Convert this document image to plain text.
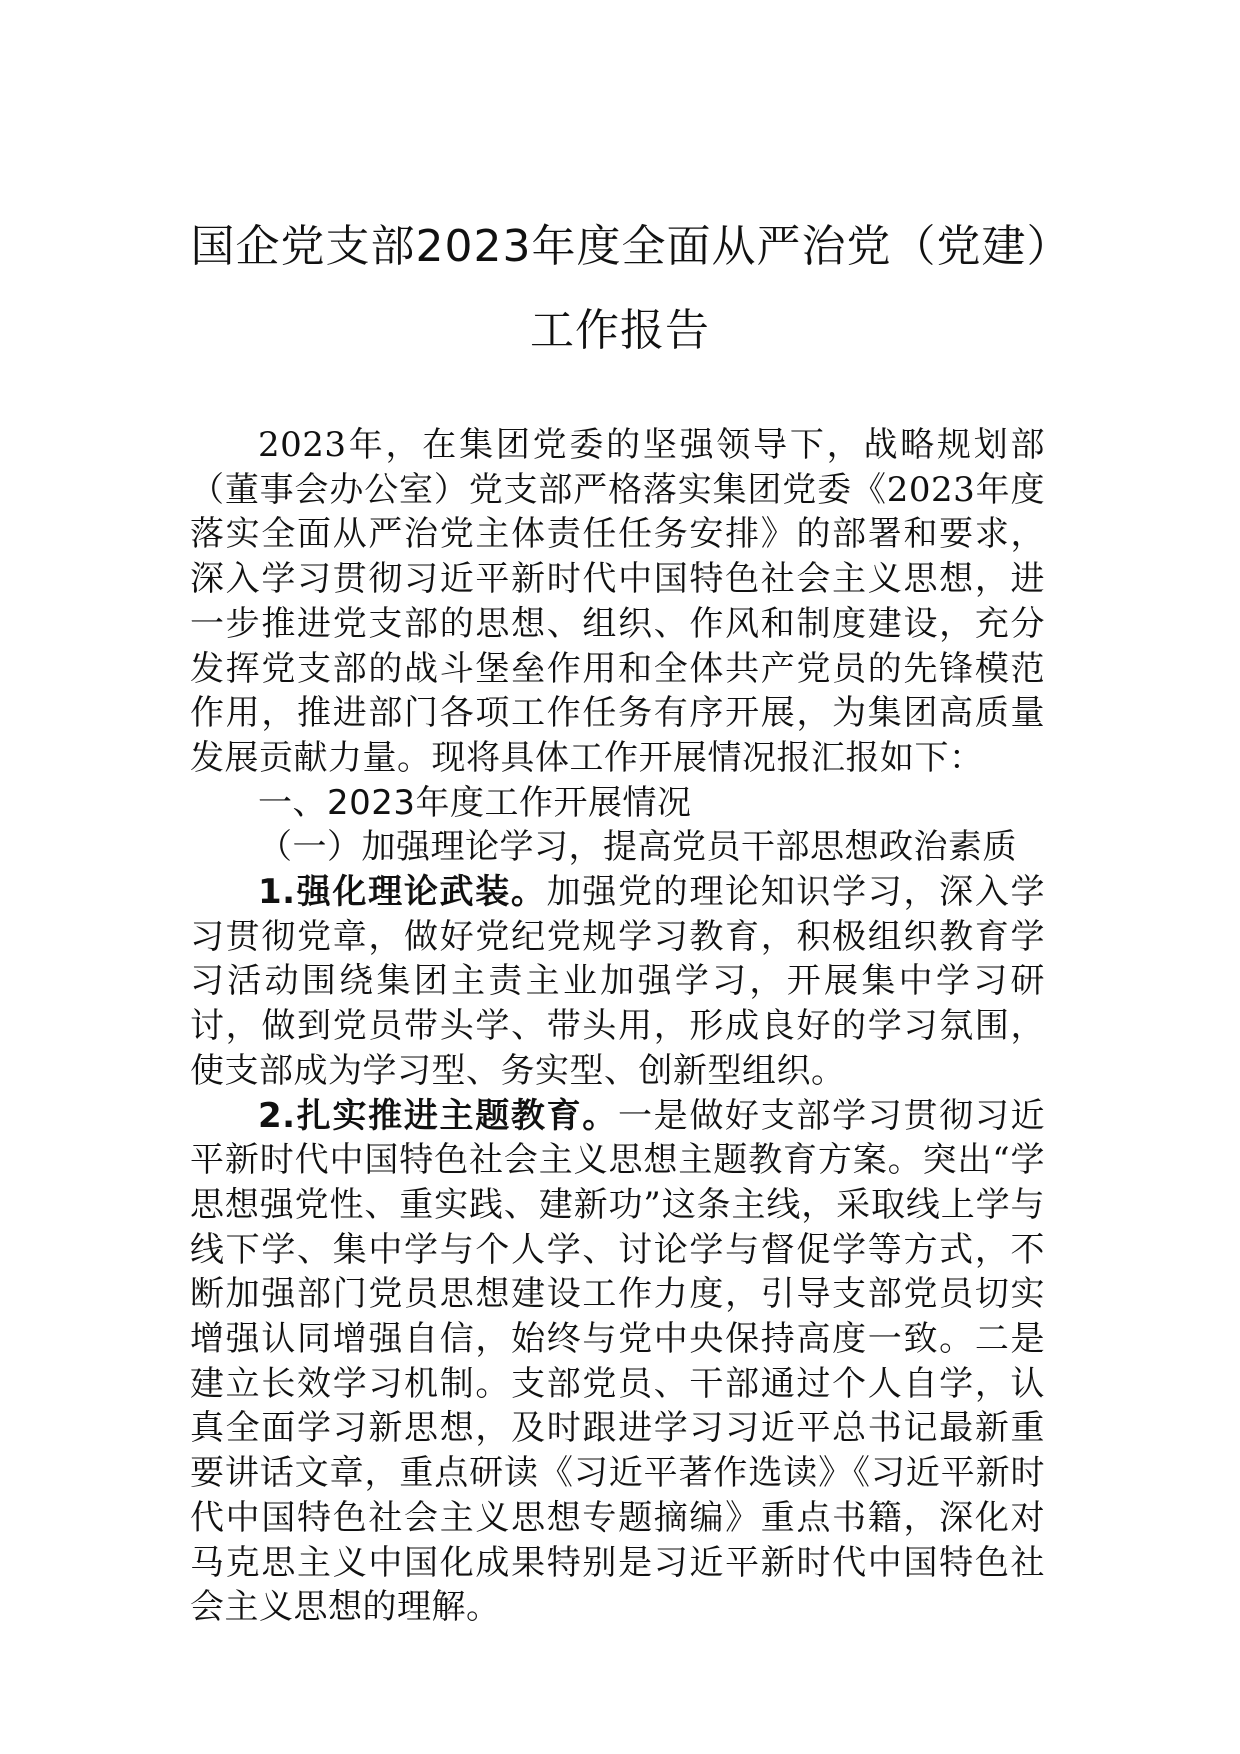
国企党支部2023年度全面从严治党（党建）工作报告

2023年，在集团党委的坚强领导下，战略规划部（董事会办公室）党支部严格落实集团党委《2023年度落实全面从严治党主体责任任务安排》的部署和要求，深入学习贯彻习近平新时代中国特色社会主义思想，进一步推进党支部的思想、组织、作风和制度建设，充分发挥党支部的战斗堡垒作用和全体共产党员的先锋模范作用，推进部门各项工作任务有序开展，为集团高质量发展贡献力量。现将具体工作开展情况报汇报如下：

一、2023年度工作开展情况

（一）加强理论学习，提高党员干部思想政治素质

1.强化理论武装。加强党的理论知识学习，深入学习贯彻党章，做好党纪党规学习教育，积极组织教育学习活动围绕集团主责主业加强学习，开展集中学习研讨，做到党员带头学、带头用，形成良好的学习氛围，使支部成为学习型、务实型、创新型组织。

2.扎实推进主题教育。一是做好支部学习贯彻习近平新时代中国特色社会主义思想主题教育方案。突出“学思想强党性、重实践、建新功”这条主线，采取线上学与线下学、集中学与个人学、讨论学与督促学等方式，不断加强部门党员思想建设工作力度，引导支部党员切实增强认同增强自信，始终与党中央保持高度一致。二是建立长效学习机制。支部党员、干部通过个人自学，认真全面学习新思想，及时跟进学习习近平总书记最新重要讲话文章，重点研读《习近平著作选读》《习近平新时代中国特色社会主义思想专题摘编》重点书籍，深化对马克思主义中国化成果特别是习近平新时代中国特色社会主义思想的理解。
